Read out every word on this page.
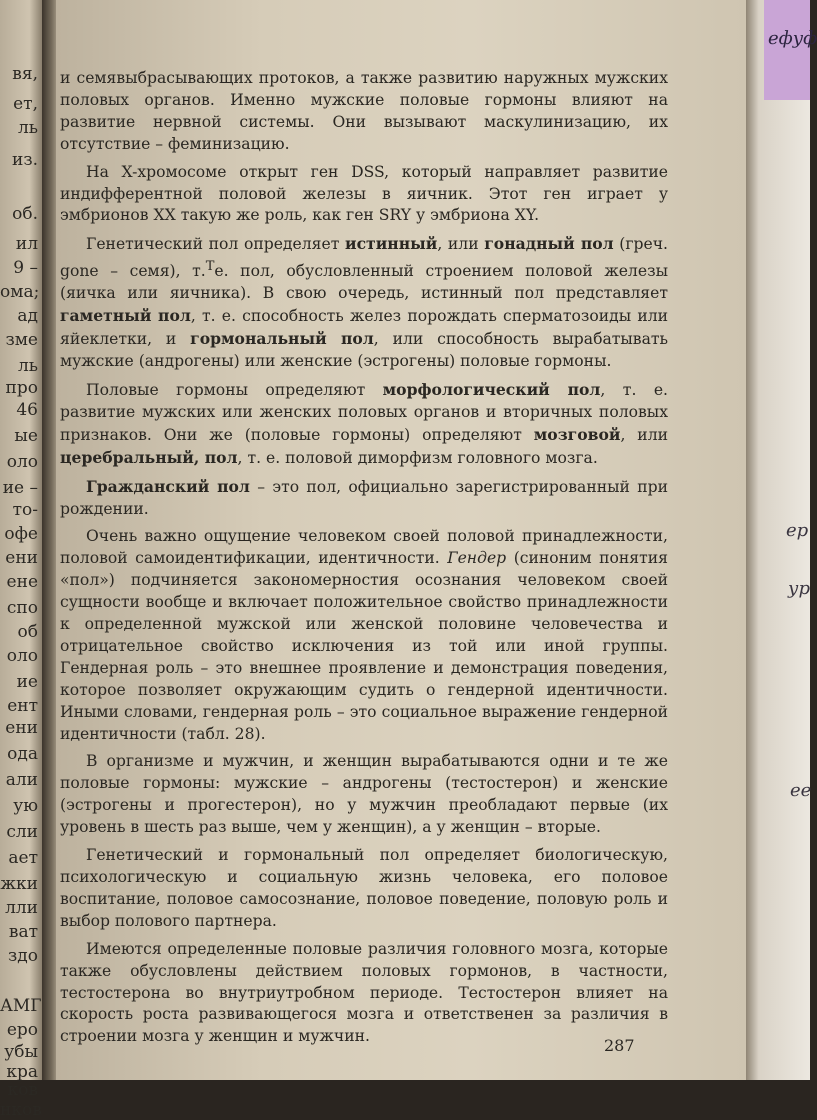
вя,
ет,
ль
из.
об.
ил
9 –
ома;
ад
зме
ль
про
46
ые
оло
ие –
то-
офе
ени
ене
спо
об
оло
ие
ент
ени
ода
али
ую
сли
ает
жки
лли
ват
здо
АМГ
еро
убы
кра
ков
нков

и семявыбрасывающих протоков, а также развитию наружных мужских половых органов. Именно мужские половые гормоны влияют на развитие нервной системы. Они вызывают маскулинизацию, их отсутствие – феминизацию.

На X-хромосоме открыт ген DSS, который направляет развитие индифферентной половой железы в яичник. Этот ген играет у эмбрионов XX такую же роль, как ген SRY у эмбриона XY.

Генетический пол определяет истинный, или гонадный пол (греч. gone – семя), т.$^Т$е. пол, обусловленный строением половой железы (яичка или яичника). В свою очередь, истинный пол представляет гаметный пол, т. е. способность желез порождать сперматозоиды или яйеклетки, и гормональный пол, или способность вырабатывать мужские (андрогены) или женские (эстрогены) половые гормоны.

Половые гормоны определяют морфологический пол, т. е. развитие мужских или женских половых органов и вторичных половых признаков. Они же (половые гормоны) определяют мозговой, или церебральный, пол, т. е. половой диморфизм головного мозга.

Гражданский пол – это пол, официально зарегистрированный при рождении.

Очень важно ощущение человеком своей половой принадлежности, половой самоидентификации, идентичности. Гендер (синоним понятия «пол») подчиняется закономерностия осознания человеком своей сущности вообще и включает положительное свойство принадлежности к определенной мужской или женской половине человечества и отрицательное свойство исключения из той или иной группы. Гендерная роль – это внешнее проявление и демонстрация поведения, которое позволяет окружающим судить о гендерной идентичности. Иными словами, гендерная роль – это социальное выражение гендерной идентичности (табл. 28).

В организме и мужчин, и женщин вырабатываются одни и те же половые гормоны: мужские – андрогены (тестостерон) и женские (эстрогены и прогестерон), но у мужчин преобладают первые (их уровень в шесть раз выше, чем у женщин), а у женщин – вторые.

Генетический и гормональный пол определяет биологическую, психологическую и социальную жизнь человека, его половое воспитание, половое самосознание, половое поведение, половую роль и выбор полового партнера.

Имеются определенные половые различия головного мозга, которые также обусловлены действием половых гормонов, в частности, тестостерона во внутриутробном периоде. Тестостерон влияет на скорость роста развивающегося мозга и ответственен за различия в строении мозга у женщин и мужчин.	287
ефуф
ер
ур
ее
